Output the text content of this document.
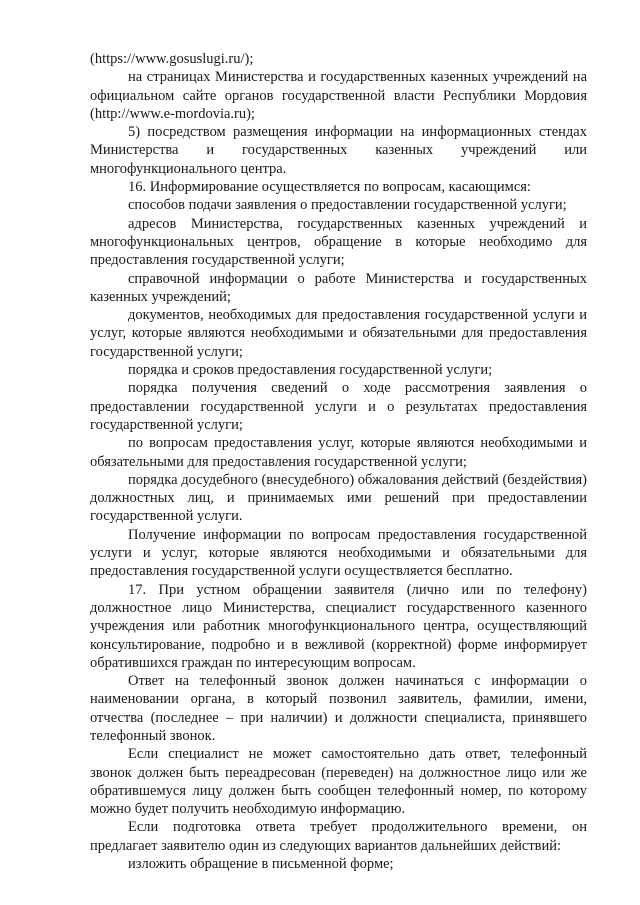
(https://www.gosuslugi.ru/);

на страницах Министерства и государственных казенных учреждений на официальном сайте органов государственной власти Республики Мордовия (http://www.e-mordovia.ru);

5) посредством размещения информации на информационных стендах Министерства и государственных казенных учреждений или многофункционального центра.

16. Информирование осуществляется по вопросам, касающимся:

способов подачи заявления о предоставлении государственной услуги;

адресов Министерства, государственных казенных учреждений и многофункциональных центров, обращение в которые необходимо для предоставления государственной услуги;

справочной информации о работе Министерства и государственных казенных учреждений;

документов, необходимых для предоставления государственной услуги и услуг, которые являются необходимыми и обязательными для предоставления государственной услуги;

порядка и сроков предоставления государственной услуги;

порядка получения сведений о ходе рассмотрения заявления о предоставлении государственной услуги и о результатах предоставления государственной услуги;

по вопросам предоставления услуг, которые являются необходимыми и обязательными для предоставления государственной услуги;

порядка досудебного (внесудебного) обжалования действий (бездействия) должностных лиц, и принимаемых ими решений при предоставлении государственной услуги.

Получение информации по вопросам предоставления государственной услуги и услуг, которые являются необходимыми и обязательными для предоставления государственной услуги осуществляется бесплатно.

17. При устном обращении заявителя (лично или по телефону) должностное лицо Министерства, специалист государственного казенного учреждения или работник многофункционального центра, осуществляющий консультирование, подробно и в вежливой (корректной) форме информирует обратившихся граждан по интересующим вопросам.

Ответ на телефонный звонок должен начинаться с информации о наименовании органа, в который позвонил заявитель, фамилии, имени, отчества (последнее – при наличии) и должности специалиста, принявшего телефонный звонок.

Если специалист не может самостоятельно дать ответ, телефонный звонок должен быть переадресован (переведен) на должностное лицо или же обратившемуся лицу должен быть сообщен телефонный номер, по которому можно будет получить необходимую информацию.

Если подготовка ответа требует продолжительного времени, он предлагает заявителю один из следующих вариантов дальнейших действий:

изложить обращение в письменной форме;
